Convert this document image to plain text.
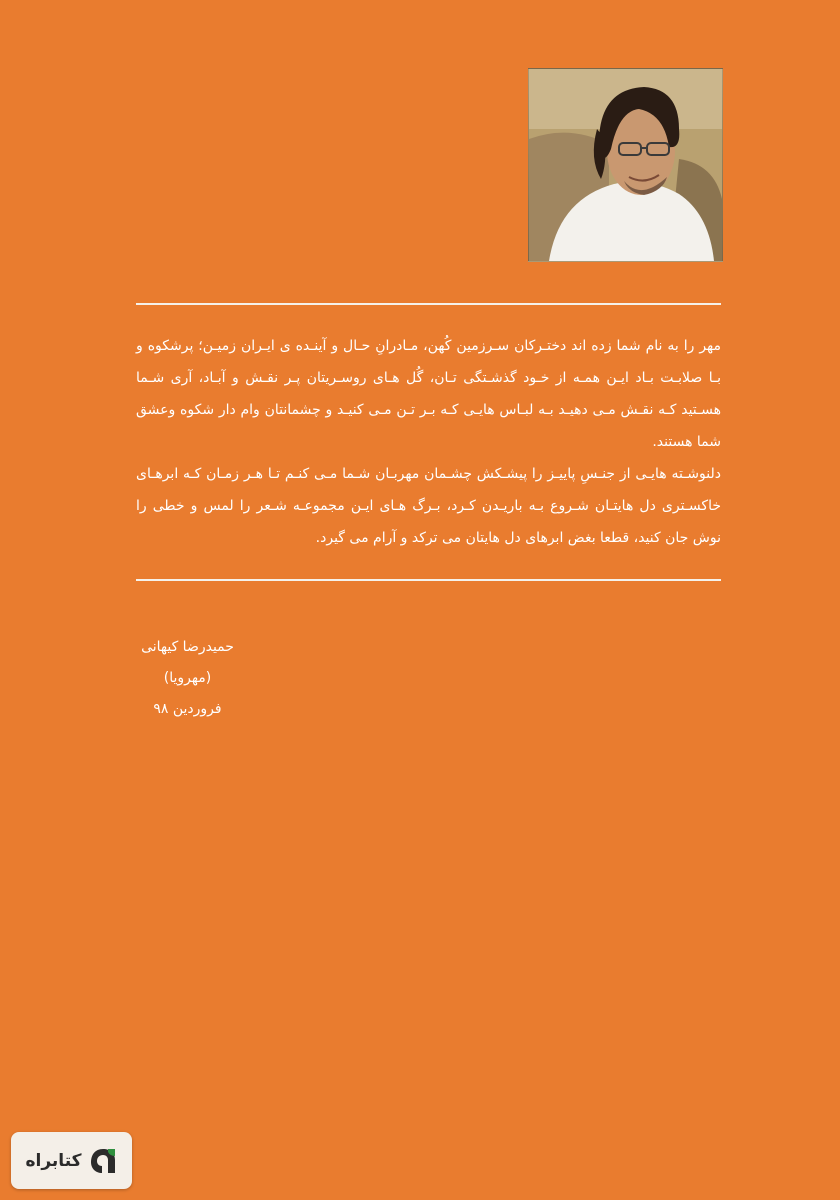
مهر را به نام شما زده اند دختـرکان سـرزمین کُهن، مـادرانِ حـال و آینـده ی ایـران زمیـن؛ پرشکوه و بـا صلابـت بـاد ایـن همـه از خـود گذشـتگی تـان، گُل هـای روسـریتان پـر نقـش و آبـاد، آری شـما هسـتید کـه نقـش مـی دهیـد بـه لبـاس هایـی کـه بـر تـن مـی کنیـد و چشمانتان وام دار شکوه وعشق شما هستند.

دلنوشـته هایـی از جنـسِ پاییـز را پیشـکش چشـمان مهربـان شـما مـی کنـم تـا هـر زمـان کـه ابرهـای خاکسـتری دل هایتـان شـروع بـه باریـدن کـرد، بـرگ هـای ایـن مجموعـه شـعر را لمس و خطی را نوش جان کنید، قطعا بغض ابرهای دل هایتان می ترکد و آرام می گیرد.

حمیدرضا کیهانی
(مهرویا)
فروردین ۹۸
کتابراه
